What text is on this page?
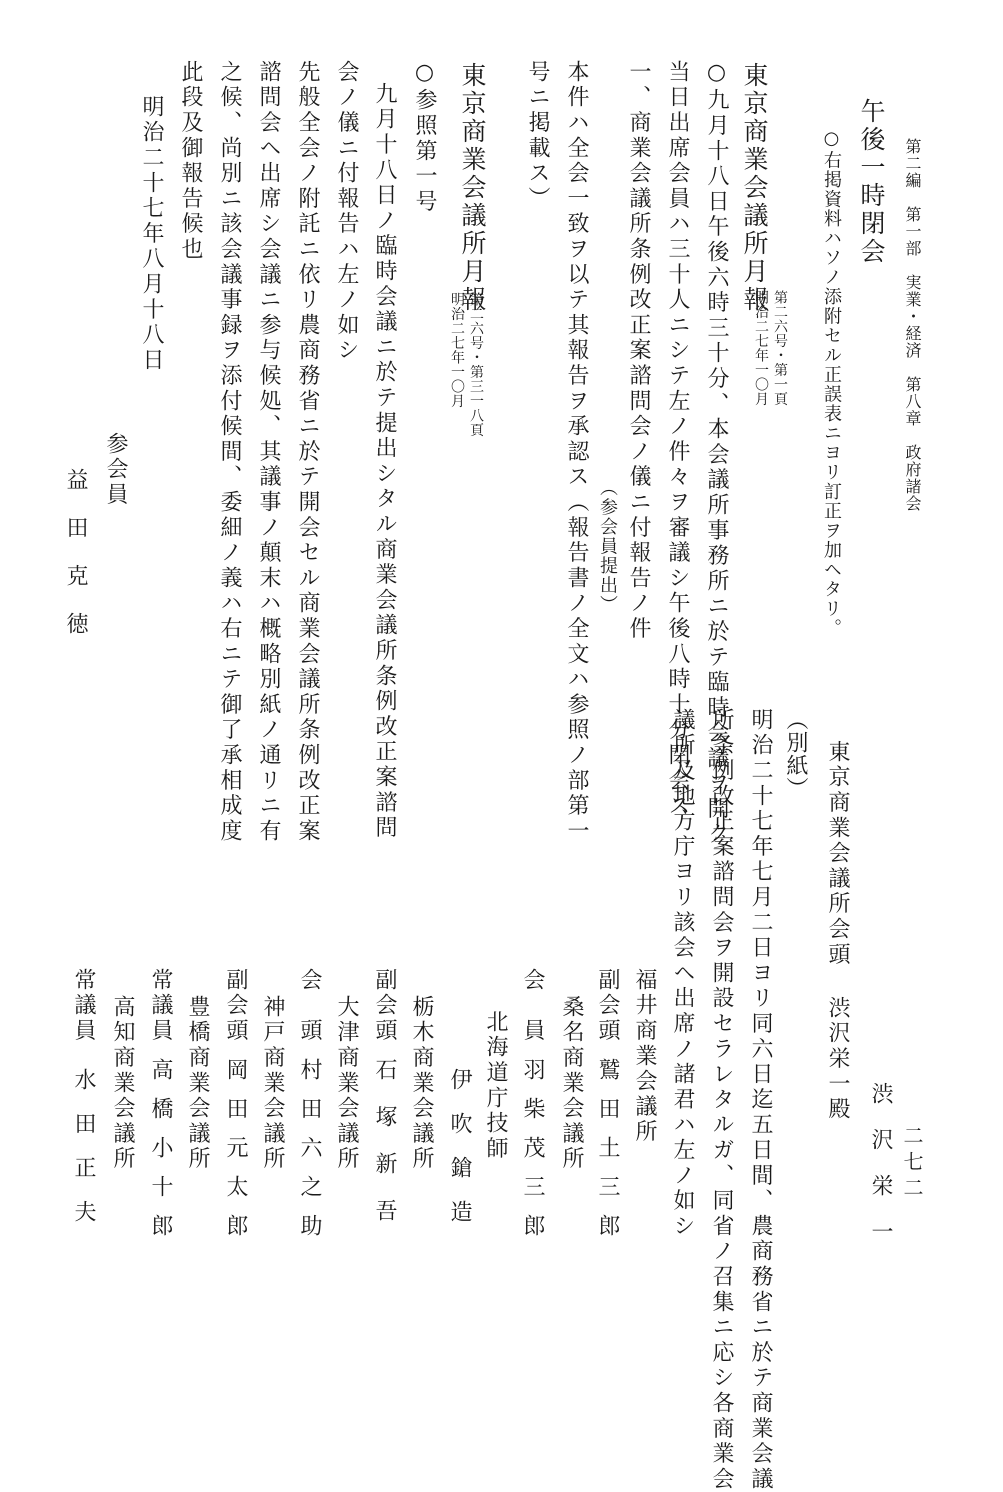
第二編　第一部　実業・経済　第八章　政府諸会
二七二
午後一時閉会
○右掲資料ハソノ添附セル正誤表ニヨリ訂正ヲ加ヘタリ。
東京商業会議所月報
第二六号・第一頁
明治二七年一〇月
○九月十八日午後六時三十分、本会議所事務所ニ於テ臨時会議ヲ開ク
当日出席会員ハ三十人ニシテ左ノ件々ヲ審議シ午後八時十分閉会ス
一、商業会議所条例改正案諮問会ノ儀ニ付報告ノ件
（参会員提出）
本件ハ全会一致ヲ以テ其報告ヲ承認ス（報告書ノ全文ハ参照ノ部第一
号ニ掲載ス）
東京商業会議所月報
第二六号・第三一八頁
明治二七年一〇月
○参照第一号
九月十八日ノ臨時会議ニ於テ提出シタル商業会議所条例改正案諮問
会ノ儀ニ付報告ハ左ノ如シ
先般全会ノ附託ニ依リ農商務省ニ於テ開会セル商業会議所条例改正案
諮問会ヘ出席シ会議ニ参与候処、其議事ノ顛末ハ概略別紙ノ通リニ有
之候、尚別ニ該会議事録ヲ添付候間、委細ノ義ハ右ニテ御了承相成度
此段及御報告候也
明治二十七年八月十八日
参会員
益田克徳
渋沢栄一
東京商業会議所会頭 渋沢栄一殿
（別紙）
明治二十七年七月二日ヨリ同六日迄五日間、農商務省ニ於テ商業会議
所条例改正案諮問会ヲ開設セラレタルガ、同省ノ召集ニ応シ各商業会
議所及地方庁ヨリ該会ヘ出席ノ諸君ハ左ノ如シ
福井商業会議所
副会頭
鷲田土三郎
桑名商業会議所
会　員
羽柴茂三郎
北海道庁技師
伊吹鎗造
栃木商業会議所
副会頭
石塚新吾
大津商業会議所
会　頭
村田六之助
神戸商業会議所
副会頭
岡田元太郎
豊橋商業会議所
常議員
高橋小十郎
高知商業会議所
常議員
水田正夫
